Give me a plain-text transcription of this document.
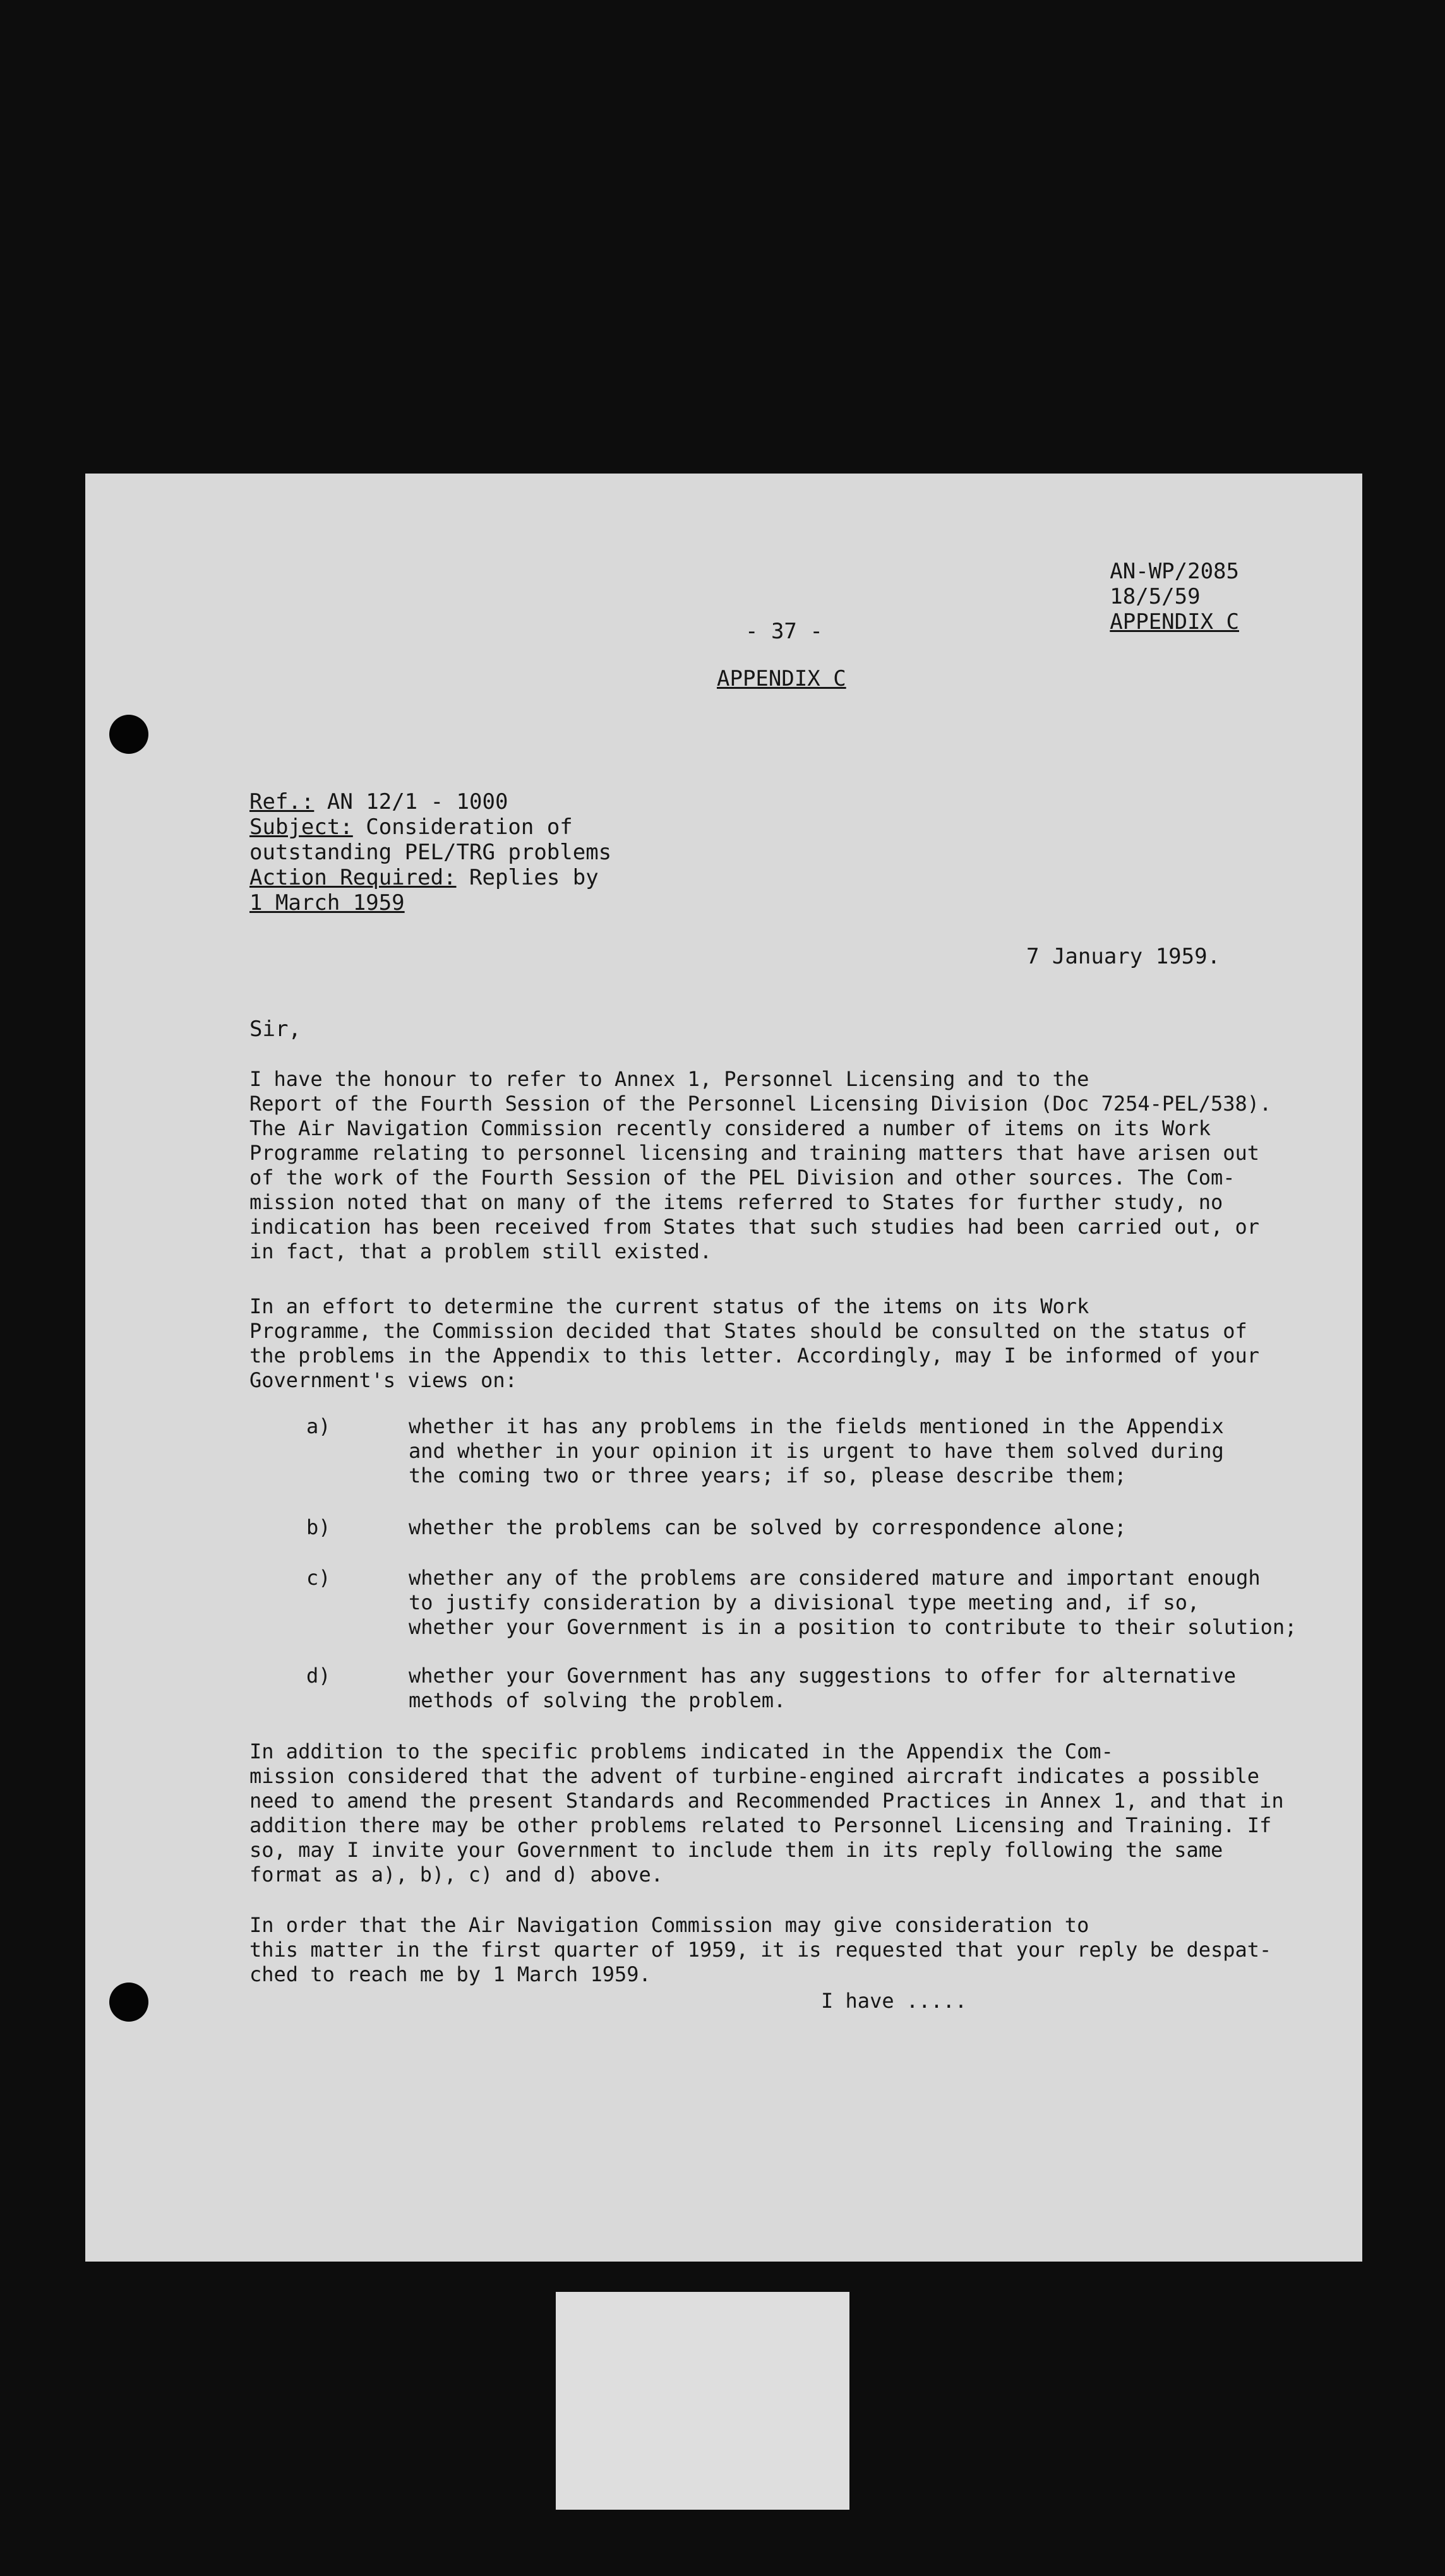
AN-WP/2085
18/5/59
APPENDIX C
- 37 -
APPENDIX C
Ref.: AN 12/1 - 1000
Subject: Consideration of
outstanding PEL/TRG problems
Action Required: Replies by
1 March 1959
7 January 1959.
Sir,
I have the honour to refer to Annex 1, Personnel Licensing and to the
Report of the Fourth Session of the Personnel Licensing Division (Doc 7254-PEL/538).
The Air Navigation Commission recently considered a number of items on its Work
Programme relating to personnel licensing and training matters that have arisen out
of the work of the Fourth Session of the PEL Division and other sources. The Com-
mission noted that on many of the items referred to States for further study, no
indication has been received from States that such studies had been carried out, or
in fact, that a problem still existed.
In an effort to determine the current status of the items on its Work
Programme, the Commission decided that States should be consulted on the status of
the problems in the Appendix to this letter. Accordingly, may I be informed of your
Government's views on:
a)	whether it has any problems in the fields mentioned in the Appendix
and whether in your opinion it is urgent to have them solved during
the coming two or three years; if so, please describe them;
b)	whether the problems can be solved by correspondence alone;
c)	whether any of the problems are considered mature and important enough
to justify consideration by a divisional type meeting and, if so,
whether your Government is in a position to contribute to their solution;
d)	whether your Government has any suggestions to offer for alternative
methods of solving the problem.
In addition to the specific problems indicated in the Appendix the Com-
mission considered that the advent of turbine-engined aircraft indicates a possible
need to amend the present Standards and Recommended Practices in Annex 1, and that in
addition there may be other problems related to Personnel Licensing and Training. If
so, may I invite your Government to include them in its reply following the same
format as a), b), c) and d) above.
In order that the Air Navigation Commission may give consideration to
this matter in the first quarter of 1959, it is requested that your reply be despat-
ched to reach me by 1 March 1959.
I have .....
